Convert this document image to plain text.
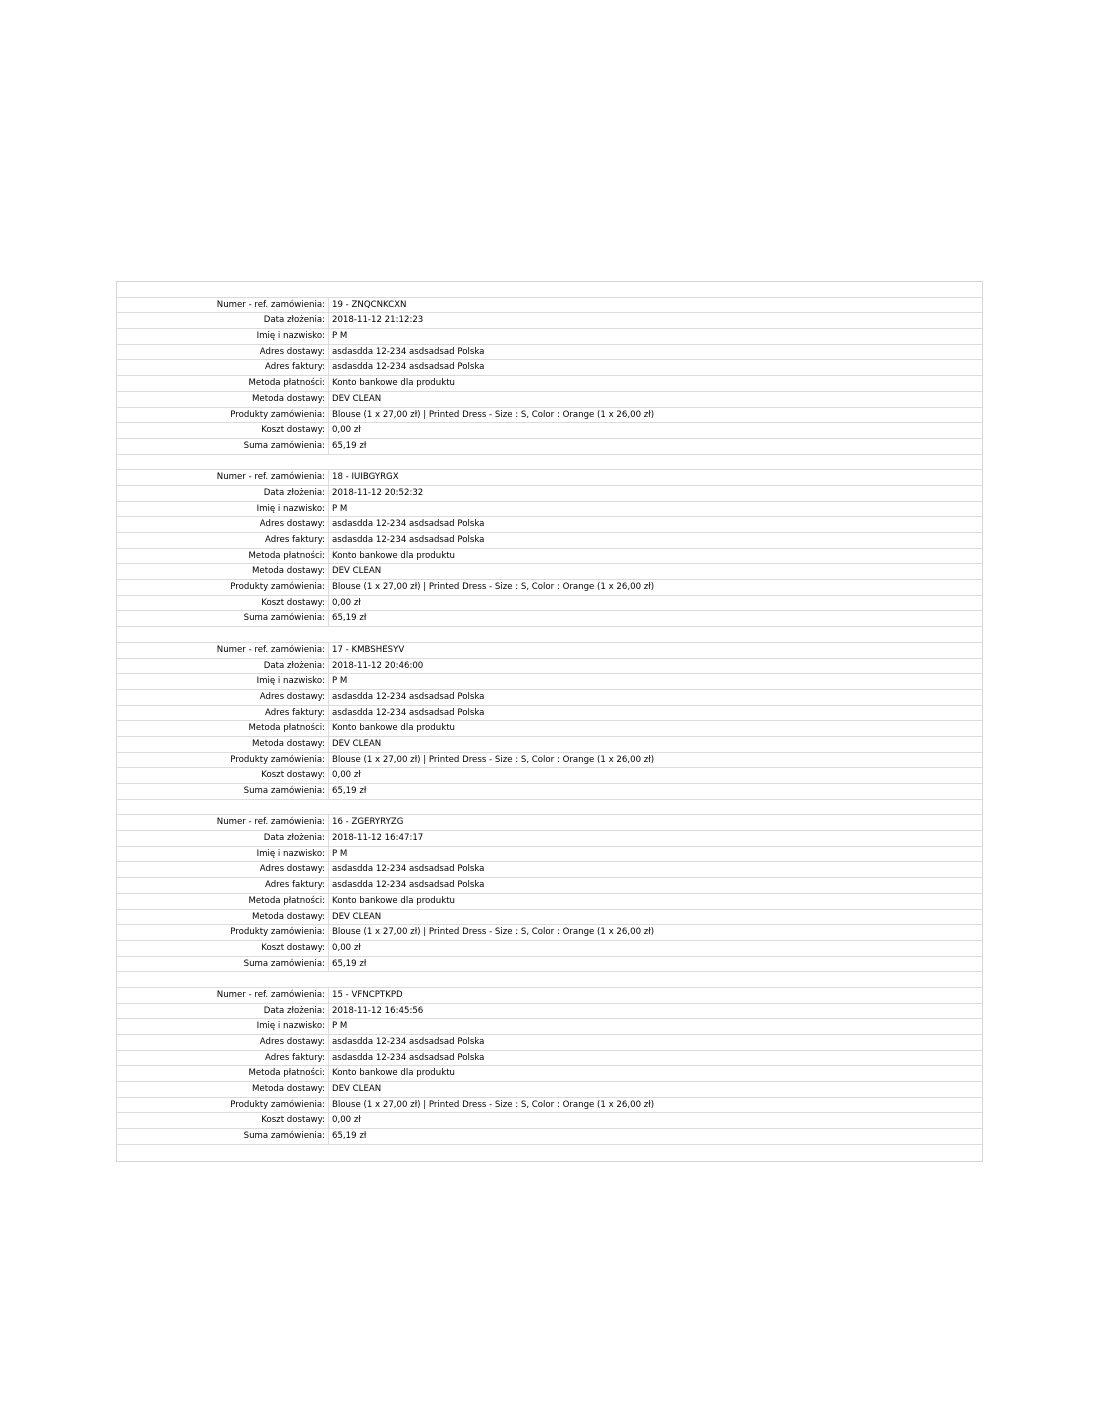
Numer - ref. zamówienia: 19 - ZNQCNKCXN
Data złożenia: 2018-11-12 21:12:23
Imię i nazwisko: P M
Adres dostawy: asdasdda 12-234 asdsadsad Polska
Adres faktury: asdasdda 12-234 asdsadsad Polska
Metoda płatności: Konto bankowe dla produktu
Metoda dostawy: DEV CLEAN
Produkty zamówienia: Blouse (1 x 27,00 zł) | Printed Dress - Size : S, Color : Orange (1 x 26,00 zł)
Koszt dostawy: 0,00 zł
Suma zamówienia: 65,19 zł
Numer - ref. zamówienia: 18 - IUIBGYRGX
Data złożenia: 2018-11-12 20:52:32
Imię i nazwisko: P M
Adres dostawy: asdasdda 12-234 asdsadsad Polska
Adres faktury: asdasdda 12-234 asdsadsad Polska
Metoda płatności: Konto bankowe dla produktu
Metoda dostawy: DEV CLEAN
Produkty zamówienia: Blouse (1 x 27,00 zł) | Printed Dress - Size : S, Color : Orange (1 x 26,00 zł)
Koszt dostawy: 0,00 zł
Suma zamówienia: 65,19 zł
Numer - ref. zamówienia: 17 - KMBSHESYV
Data złożenia: 2018-11-12 20:46:00
Imię i nazwisko: P M
Adres dostawy: asdasdda 12-234 asdsadsad Polska
Adres faktury: asdasdda 12-234 asdsadsad Polska
Metoda płatności: Konto bankowe dla produktu
Metoda dostawy: DEV CLEAN
Produkty zamówienia: Blouse (1 x 27,00 zł) | Printed Dress - Size : S, Color : Orange (1 x 26,00 zł)
Koszt dostawy: 0,00 zł
Suma zamówienia: 65,19 zł
Numer - ref. zamówienia: 16 - ZGERYRYZG
Data złożenia: 2018-11-12 16:47:17
Imię i nazwisko: P M
Adres dostawy: asdasdda 12-234 asdsadsad Polska
Adres faktury: asdasdda 12-234 asdsadsad Polska
Metoda płatności: Konto bankowe dla produktu
Metoda dostawy: DEV CLEAN
Produkty zamówienia: Blouse (1 x 27,00 zł) | Printed Dress - Size : S, Color : Orange (1 x 26,00 zł)
Koszt dostawy: 0,00 zł
Suma zamówienia: 65,19 zł
Numer - ref. zamówienia: 15 - VFNCPTKPD
Data złożenia: 2018-11-12 16:45:56
Imię i nazwisko: P M
Adres dostawy: asdasdda 12-234 asdsadsad Polska
Adres faktury: asdasdda 12-234 asdsadsad Polska
Metoda płatności: Konto bankowe dla produktu
Metoda dostawy: DEV CLEAN
Produkty zamówienia: Blouse (1 x 27,00 zł) | Printed Dress - Size : S, Color : Orange (1 x 26,00 zł)
Koszt dostawy: 0,00 zł
Suma zamówienia: 65,19 zł
